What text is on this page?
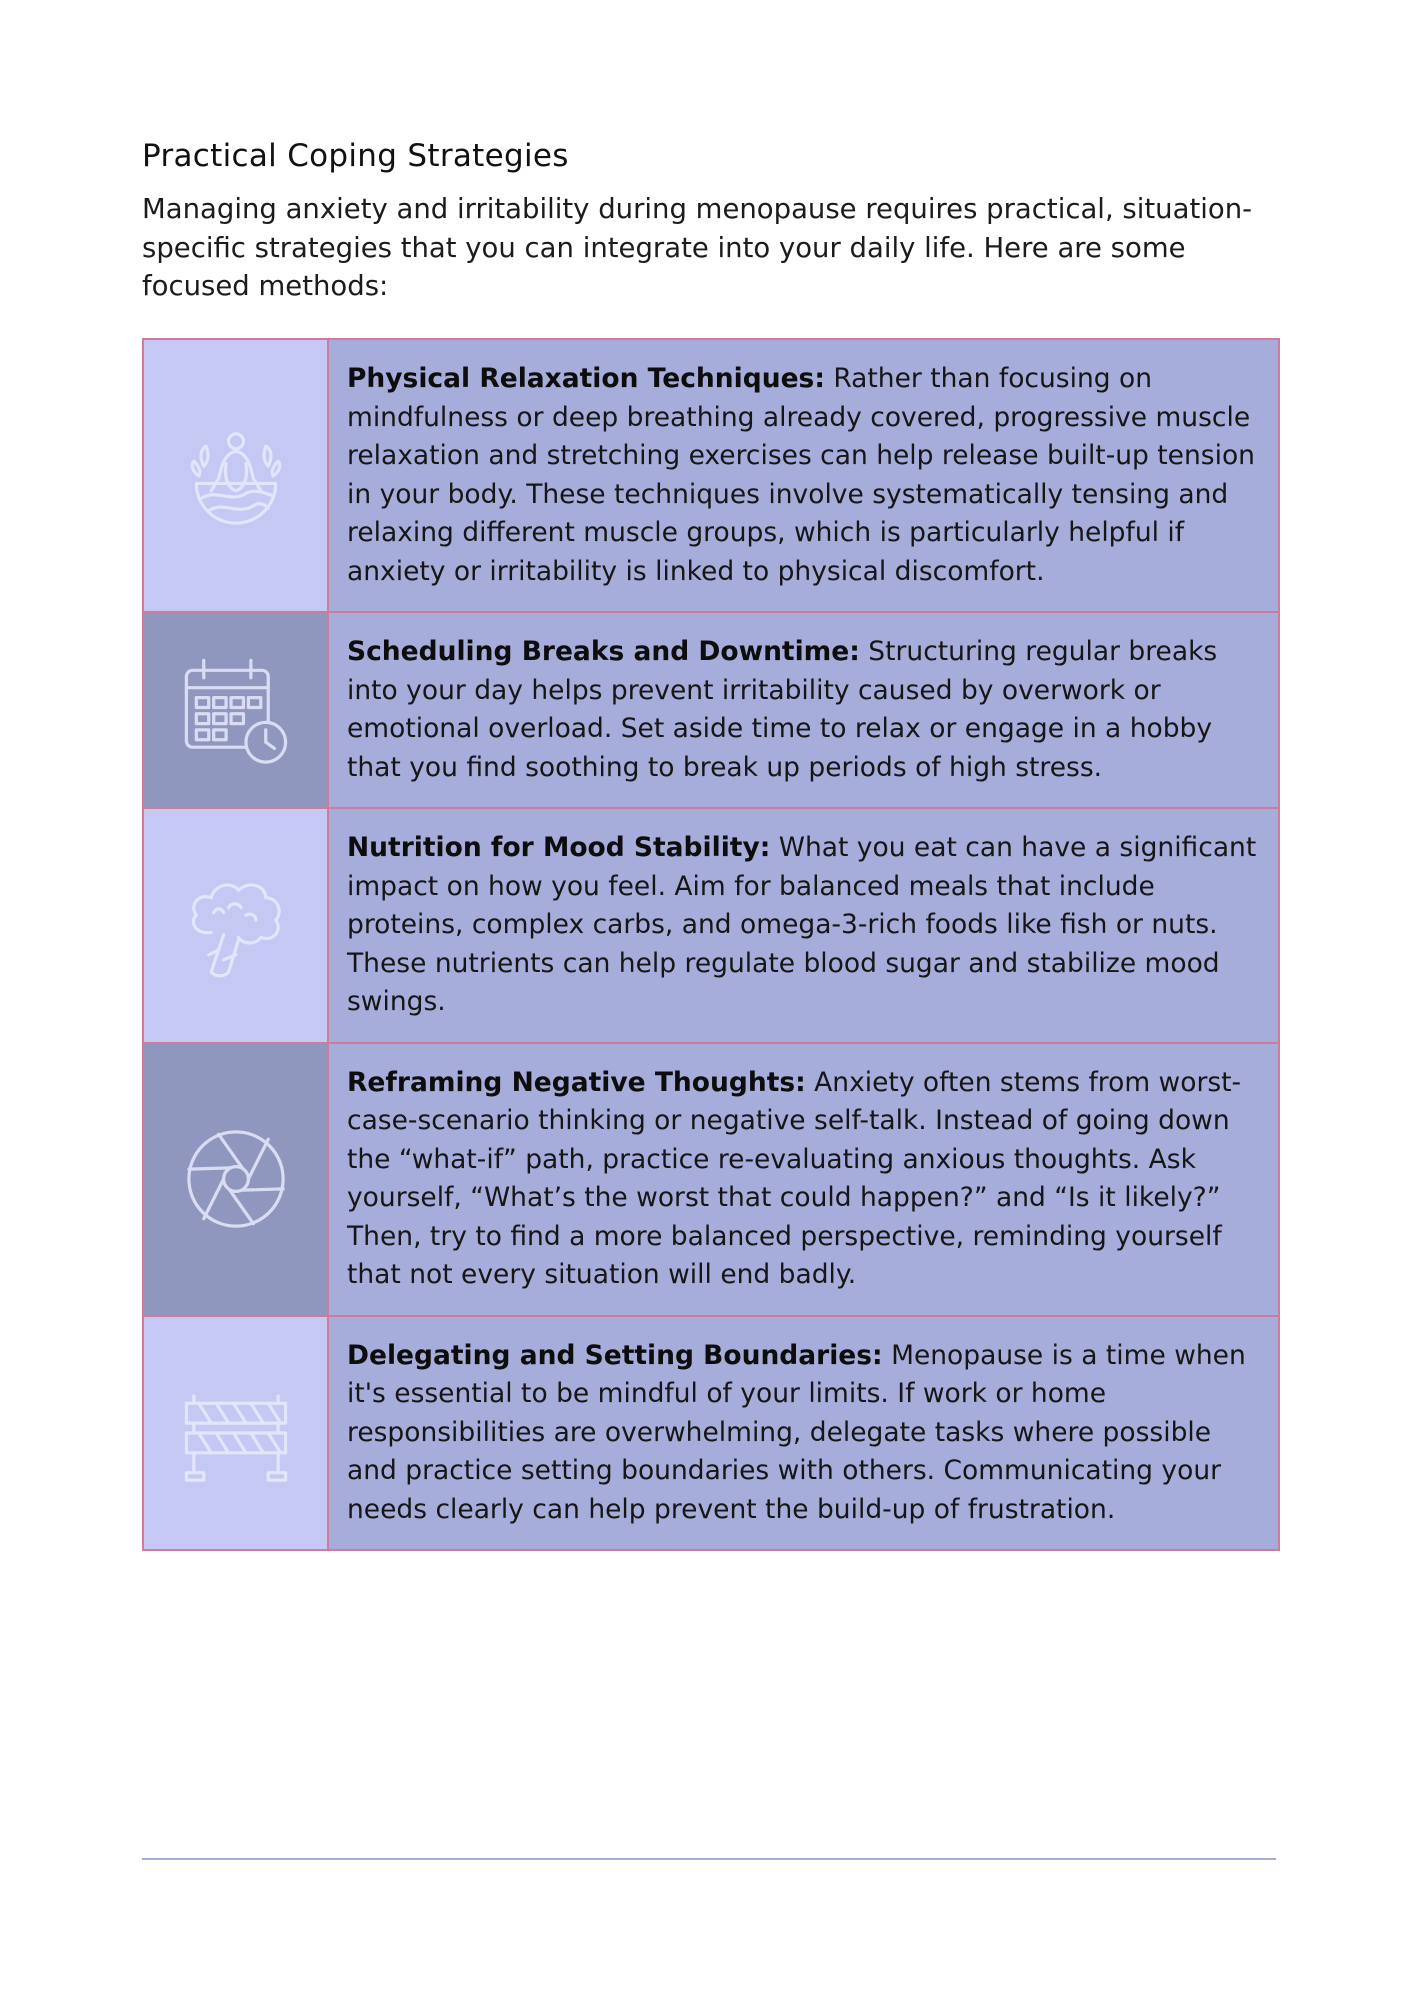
Practical Coping Strategies

Managing anxiety and irritability during menopause requires practical, situation-specific strategies that you can integrate into your daily life. Here are some focused methods:

Physical Relaxation Techniques: Rather than focusing on mindfulness or deep breathing already covered, progressive muscle relaxation and stretching exercises can help release built-up tension in your body. These techniques involve systematically tensing and relaxing different muscle groups, which is particularly helpful if anxiety or irritability is linked to physical discomfort.
Scheduling Breaks and Downtime: Structuring regular breaks into your day helps prevent irritability caused by overwork or emotional overload. Set aside time to relax or engage in a hobby that you find soothing to break up periods of high stress.
Nutrition for Mood Stability: What you eat can have a significant impact on how you feel. Aim for balanced meals that include proteins, complex carbs, and omega-3-rich foods like fish or nuts. These nutrients can help regulate blood sugar and stabilize mood swings.
Reframing Negative Thoughts: Anxiety often stems from worst-case-scenario thinking or negative self-talk. Instead of going down the “what-if” path, practice re-evaluating anxious thoughts. Ask yourself, “What’s the worst that could happen?” and “Is it likely?” Then, try to find a more balanced perspective, reminding yourself that not every situation will end badly.
Delegating and Setting Boundaries: Menopause is a time when it's essential to be mindful of your limits. If work or home responsibilities are overwhelming, delegate tasks where possible and practice setting boundaries with others. Communicating your needs clearly can help prevent the build-up of frustration.
